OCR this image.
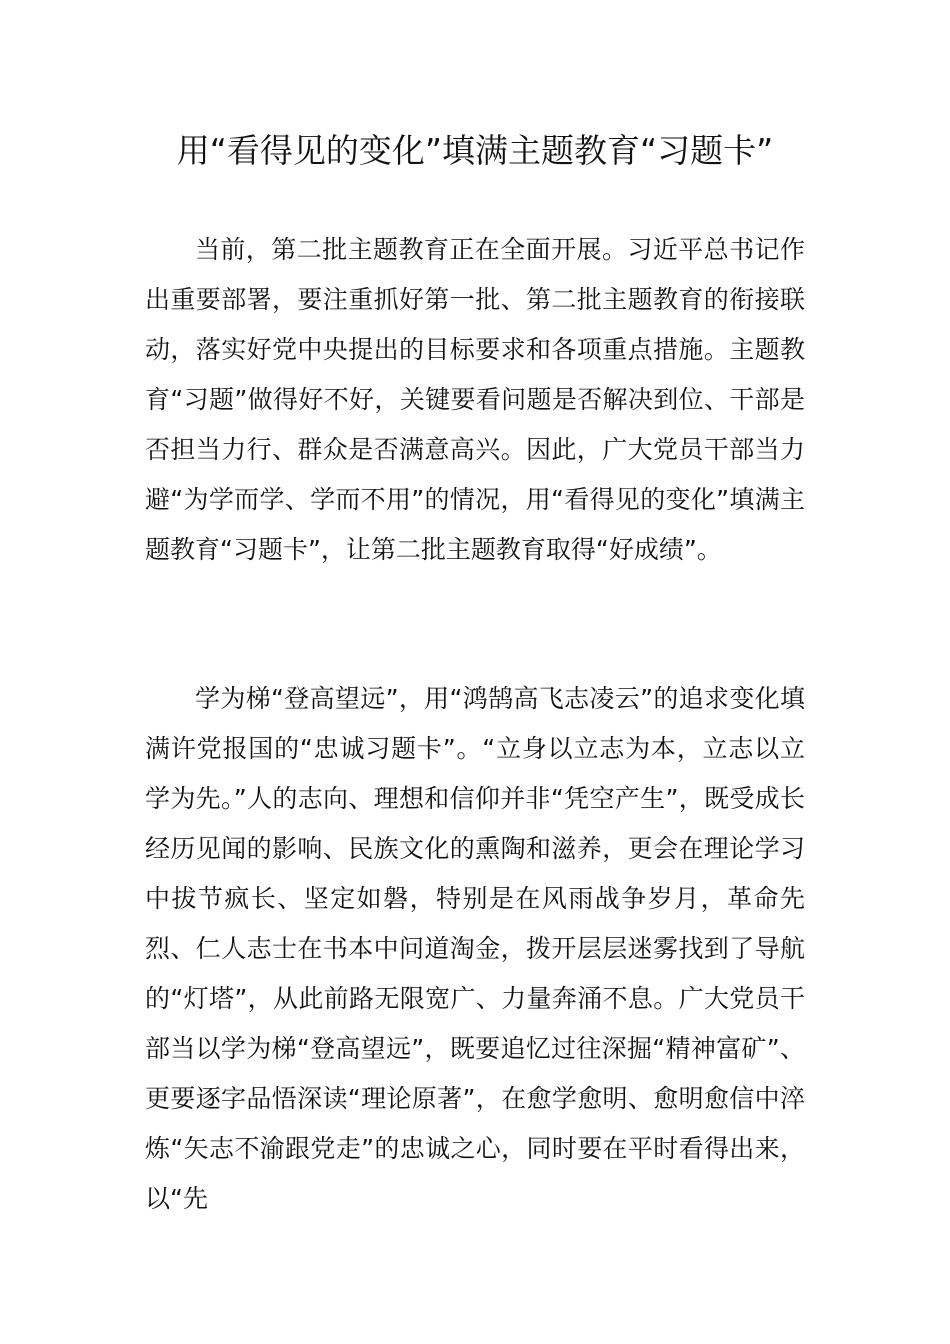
用“看得见的变化”填满主题教育“习题卡”

当前，第二批主题教育正在全面开展。习近平总书记作出重要部署，要注重抓好第一批、第二批主题教育的衔接联动，落实好党中央提出的目标要求和各项重点措施。主题教育“习题”做得好不好，关键要看问题是否解决到位、干部是否担当力行、群众是否满意高兴。因此，广大党员干部当力避“为学而学、学而不用”的情况，用“看得见的变化”填满主题教育“习题卡”，让第二批主题教育取得“好成绩”。

学为梯“登高望远”，用“鸿鹄高飞志凌云”的追求变化填满许党报国的“忠诚习题卡”。“立身以立志为本，立志以立学为先。”人的志向、理想和信仰并非“凭空产生”，既受成长经历见闻的影响、民族文化的熏陶和滋养，更会在理论学习中拔节疯长、坚定如磐，特别是在风雨战争岁月，革命先烈、仁人志士在书本中问道淘金，拨开层层迷雾找到了导航的“灯塔”，从此前路无限宽广、力量奔涌不息。广大党员干部当以学为梯“登高望远”，既要追忆过往深掘“精神富矿”、更要逐字品悟深读“理论原著”，在愈学愈明、愈明愈信中淬炼“矢志不渝跟党走”的忠诚之心，同时要在平时看得出来，以“先
